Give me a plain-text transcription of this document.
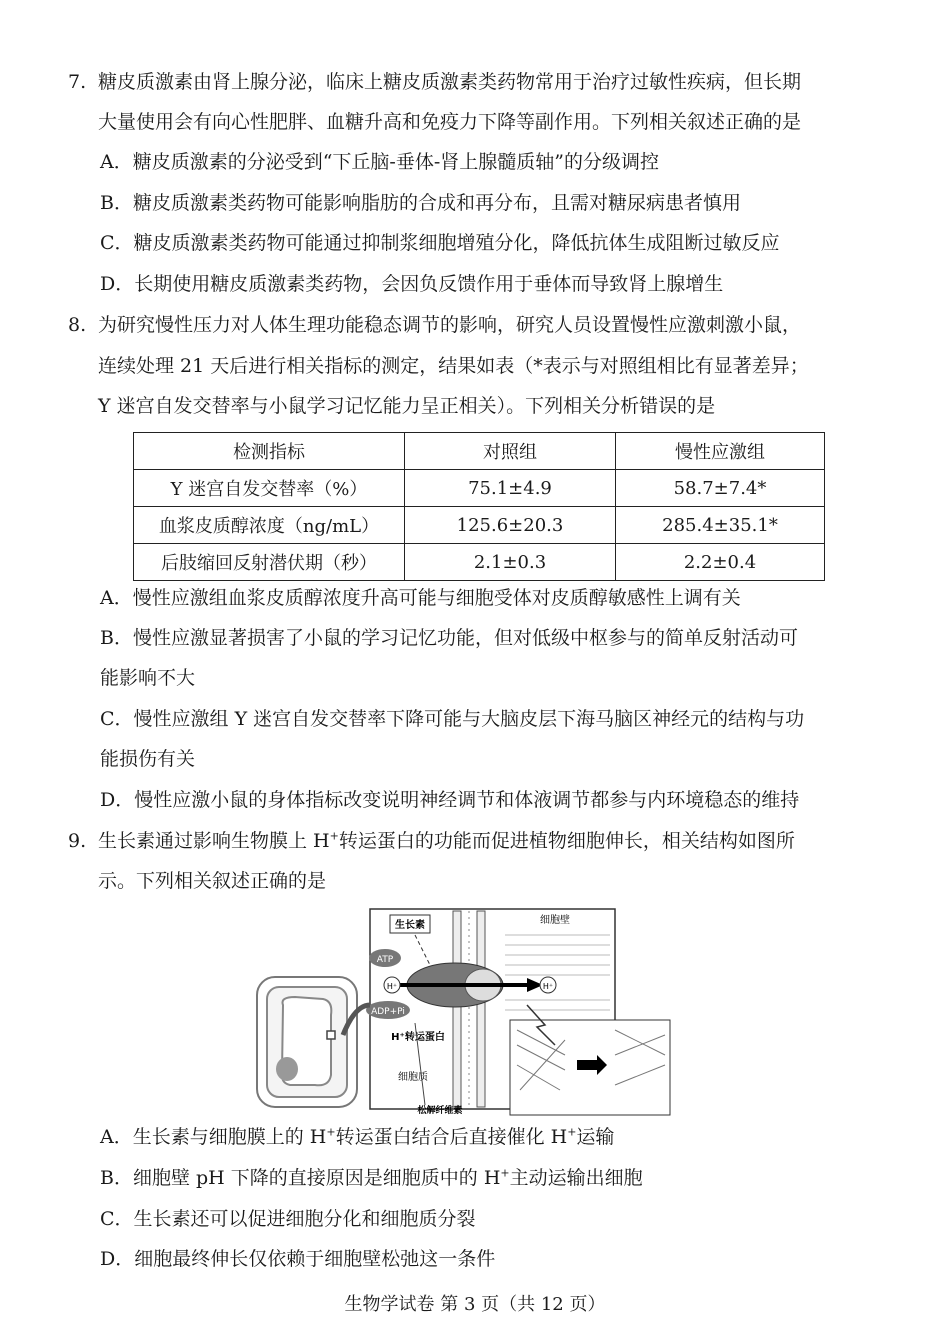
7. 糖皮质激素由肾上腺分泌，临床上糖皮质激素类药物常用于治疗过敏性疾病，但长期
大量使用会有向心性肥胖、血糖升高和免疫力下降等副作用。下列相关叙述正确的是
A．糖皮质激素的分泌受到“下丘脑-垂体-肾上腺髓质轴”的分级调控
B．糖皮质激素类药物可能影响脂肪的合成和再分布，且需对糖尿病患者慎用
C．糖皮质激素类药物可能通过抑制浆细胞增殖分化，降低抗体生成阻断过敏反应
D．长期使用糖皮质激素类药物，会因负反馈作用于垂体而导致肾上腺增生
8. 为研究慢性压力对人体生理功能稳态调节的影响，研究人员设置慢性应激刺激小鼠，
连续处理 21 天后进行相关指标的测定，结果如表（*表示与对照组相比有显著差异；
Y 迷宫自发交替率与小鼠学习记忆能力呈正相关）。下列相关分析错误的是
检测指标	对照组	慢性应激组
Y 迷宫自发交替率（%）	75.1±4.9	58.7±7.4*
血浆皮质醇浓度（ng/mL）	125.6±20.3	285.4±35.1*
后肢缩回反射潜伏期（秒）	2.1±0.3	2.2±0.4
A．慢性应激组血浆皮质醇浓度升高可能与细胞受体对皮质醇敏感性上调有关
B．慢性应激显著损害了小鼠的学习记忆功能，但对低级中枢参与的简单反射活动可
能影响不大
C．慢性应激组 Y 迷宫自发交替率下降可能与大脑皮层下海马脑区神经元的结构与功
能损伤有关
D．慢性应激小鼠的身体指标改变说明神经调节和体液调节都参与内环境稳态的维持
9. 生长素通过影响生物膜上 H+转运蛋白的功能而促进植物细胞伸长，相关结构如图所
示。下列相关叙述正确的是
ATP
ADP+Pi
H⁺	H⁺
生长素	细胞壁
H⁺转运蛋白
细胞质
松解纤维素
A．生长素与细胞膜上的 H+转运蛋白结合后直接催化 H+运输
B．细胞壁 pH 下降的直接原因是细胞质中的 H+主动运输出细胞
C．生长素还可以促进细胞分化和细胞质分裂
D．细胞最终伸长仅依赖于细胞壁松弛这一条件
生物学试卷 第 3 页（共 12 页）
